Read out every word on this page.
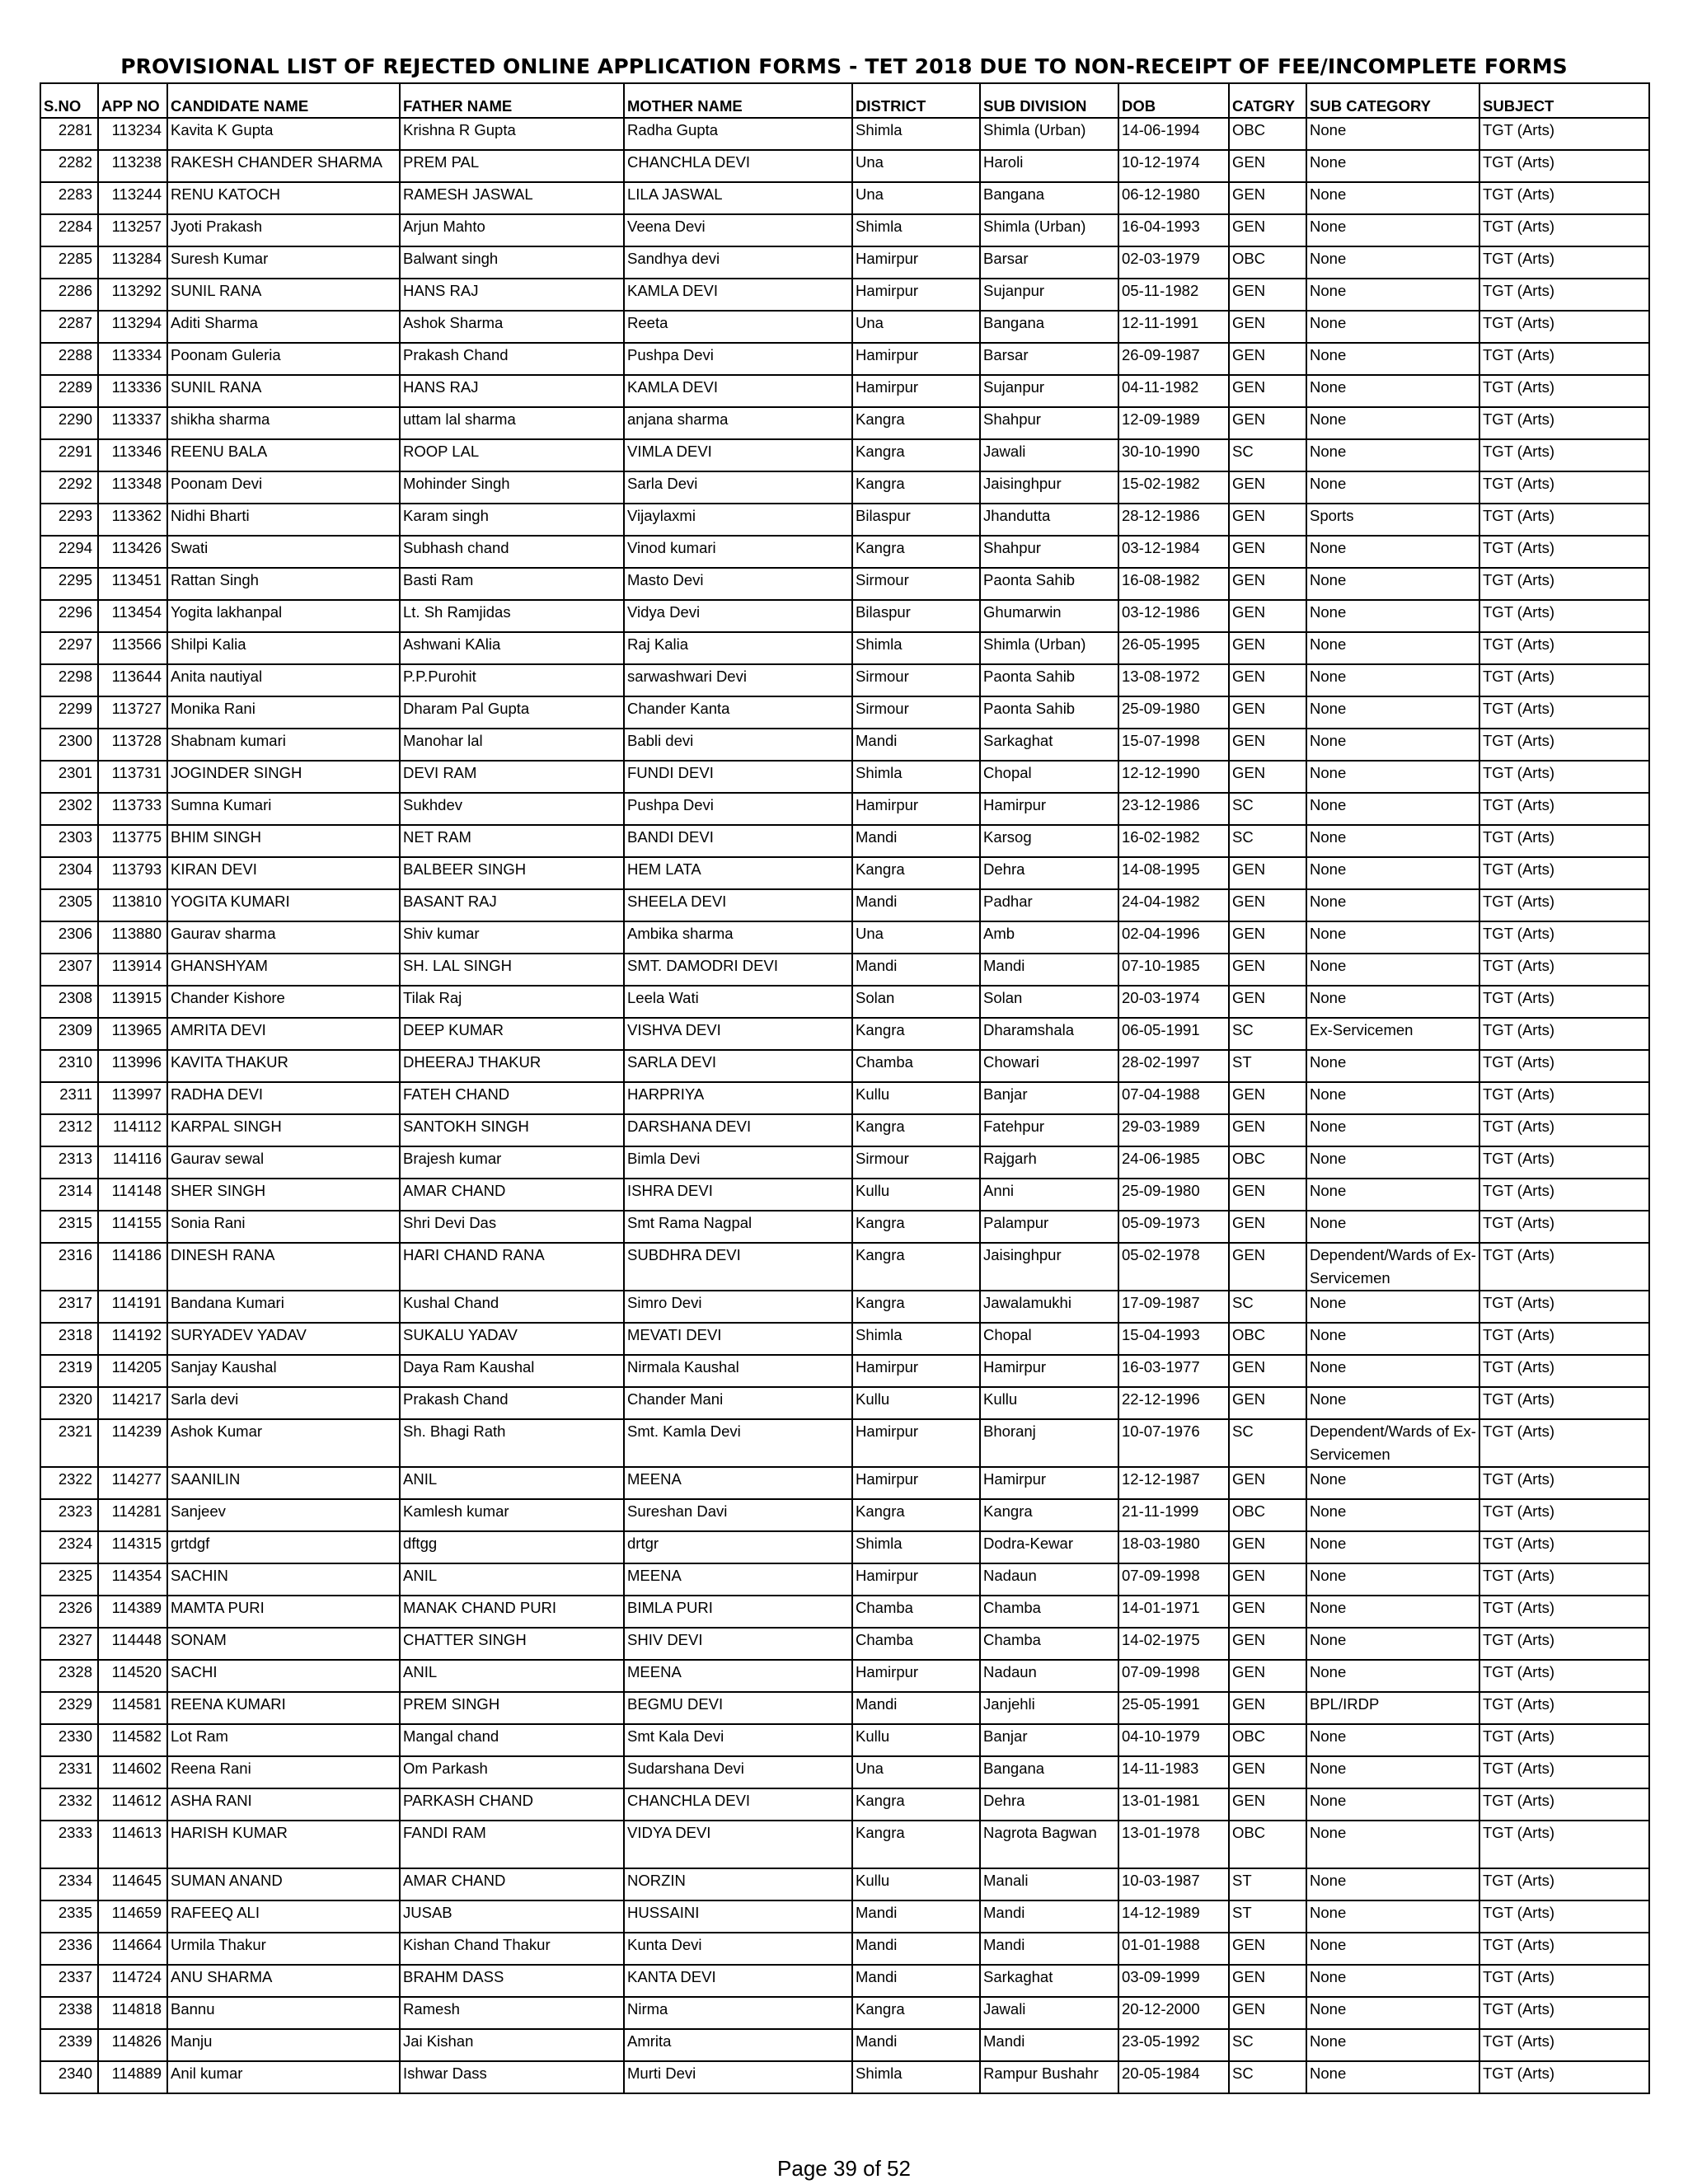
PROVISIONAL LIST OF REJECTED ONLINE APPLICATION FORMS - TET 2018 DUE TO NON-RECEIPT OF FEE/INCOMPLETE FORMS
S.NO	APP NO	CANDIDATE NAME	FATHER NAME	MOTHER NAME	DISTRICT	SUB DIVISION	DOB	CATGRY	SUB CATEGORY	SUBJECT
2281	113234	Kavita K Gupta	Krishna R Gupta	Radha Gupta	Shimla	Shimla (Urban)	14-06-1994	OBC	None	TGT (Arts)
2282	113238	RAKESH CHANDER SHARMA	PREM PAL	CHANCHLA DEVI	Una	Haroli	10-12-1974	GEN	None	TGT (Arts)
2283	113244	RENU KATOCH	RAMESH JASWAL	LILA JASWAL	Una	Bangana	06-12-1980	GEN	None	TGT (Arts)
2284	113257	Jyoti Prakash	Arjun Mahto	Veena Devi	Shimla	Shimla (Urban)	16-04-1993	GEN	None	TGT (Arts)
2285	113284	Suresh Kumar	Balwant singh	Sandhya devi	Hamirpur	Barsar	02-03-1979	OBC	None	TGT (Arts)
2286	113292	SUNIL RANA	HANS RAJ	KAMLA DEVI	Hamirpur	Sujanpur	05-11-1982	GEN	None	TGT (Arts)
2287	113294	Aditi Sharma	Ashok Sharma	Reeta	Una	Bangana	12-11-1991	GEN	None	TGT (Arts)
2288	113334	Poonam Guleria	Prakash Chand	Pushpa Devi	Hamirpur	Barsar	26-09-1987	GEN	None	TGT (Arts)
2289	113336	SUNIL RANA	HANS RAJ	KAMLA DEVI	Hamirpur	Sujanpur	04-11-1982	GEN	None	TGT (Arts)
2290	113337	shikha sharma	uttam lal sharma	anjana sharma	Kangra	Shahpur	12-09-1989	GEN	None	TGT (Arts)
2291	113346	REENU BALA	ROOP LAL	VIMLA DEVI	Kangra	Jawali	30-10-1990	SC	None	TGT (Arts)
2292	113348	Poonam Devi	Mohinder Singh	Sarla Devi	Kangra	Jaisinghpur	15-02-1982	GEN	None	TGT (Arts)
2293	113362	Nidhi Bharti	Karam singh	Vijaylaxmi	Bilaspur	Jhandutta	28-12-1986	GEN	Sports	TGT (Arts)
2294	113426	Swati	Subhash chand	Vinod kumari	Kangra	Shahpur	03-12-1984	GEN	None	TGT (Arts)
2295	113451	Rattan Singh	Basti Ram	Masto Devi	Sirmour	Paonta Sahib	16-08-1982	GEN	None	TGT (Arts)
2296	113454	Yogita lakhanpal	Lt. Sh Ramjidas	Vidya Devi	Bilaspur	Ghumarwin	03-12-1986	GEN	None	TGT (Arts)
2297	113566	Shilpi Kalia	Ashwani KAlia	Raj Kalia	Shimla	Shimla (Urban)	26-05-1995	GEN	None	TGT (Arts)
2298	113644	Anita nautiyal	P.P.Purohit	sarwashwari Devi	Sirmour	Paonta Sahib	13-08-1972	GEN	None	TGT (Arts)
2299	113727	Monika Rani	Dharam Pal Gupta	Chander Kanta	Sirmour	Paonta Sahib	25-09-1980	GEN	None	TGT (Arts)
2300	113728	Shabnam kumari	Manohar lal	Babli devi	Mandi	Sarkaghat	15-07-1998	GEN	None	TGT (Arts)
2301	113731	JOGINDER SINGH	DEVI RAM	FUNDI DEVI	Shimla	Chopal	12-12-1990	GEN	None	TGT (Arts)
2302	113733	Sumna Kumari	Sukhdev	Pushpa Devi	Hamirpur	Hamirpur	23-12-1986	SC	None	TGT (Arts)
2303	113775	BHIM SINGH	NET RAM	BANDI DEVI	Mandi	Karsog	16-02-1982	SC	None	TGT (Arts)
2304	113793	KIRAN DEVI	BALBEER SINGH	HEM LATA	Kangra	Dehra	14-08-1995	GEN	None	TGT (Arts)
2305	113810	YOGITA KUMARI	BASANT RAJ	SHEELA DEVI	Mandi	Padhar	24-04-1982	GEN	None	TGT (Arts)
2306	113880	Gaurav sharma	Shiv kumar	Ambika sharma	Una	Amb	02-04-1996	GEN	None	TGT (Arts)
2307	113914	GHANSHYAM	SH. LAL SINGH	SMT. DAMODRI DEVI	Mandi	Mandi	07-10-1985	GEN	None	TGT (Arts)
2308	113915	Chander Kishore	Tilak Raj	Leela Wati	Solan	Solan	20-03-1974	GEN	None	TGT (Arts)
2309	113965	AMRITA DEVI	DEEP KUMAR	VISHVA DEVI	Kangra	Dharamshala	06-05-1991	SC	Ex-Servicemen	TGT (Arts)
2310	113996	KAVITA THAKUR	DHEERAJ THAKUR	SARLA DEVI	Chamba	Chowari	28-02-1997	ST	None	TGT (Arts)
2311	113997	RADHA DEVI	FATEH CHAND	HARPRIYA	Kullu	Banjar	07-04-1988	GEN	None	TGT (Arts)
2312	114112	KARPAL SINGH	SANTOKH SINGH	DARSHANA DEVI	Kangra	Fatehpur	29-03-1989	GEN	None	TGT (Arts)
2313	114116	Gaurav sewal	Brajesh kumar	Bimla Devi	Sirmour	Rajgarh	24-06-1985	OBC	None	TGT (Arts)
2314	114148	SHER SINGH	AMAR CHAND	ISHRA DEVI	Kullu	Anni	25-09-1980	GEN	None	TGT (Arts)
2315	114155	Sonia Rani	Shri Devi Das	Smt Rama Nagpal	Kangra	Palampur	05-09-1973	GEN	None	TGT (Arts)
2316	114186	DINESH RANA	HARI CHAND RANA	SUBDHRA DEVI	Kangra	Jaisinghpur	05-02-1978	GEN	Dependent/Wards of Ex-Servicemen	TGT (Arts)
2317	114191	Bandana Kumari	Kushal Chand	Simro Devi	Kangra	Jawalamukhi	17-09-1987	SC	None	TGT (Arts)
2318	114192	SURYADEV YADAV	SUKALU YADAV	MEVATI DEVI	Shimla	Chopal	15-04-1993	OBC	None	TGT (Arts)
2319	114205	Sanjay Kaushal	Daya Ram Kaushal	Nirmala Kaushal	Hamirpur	Hamirpur	16-03-1977	GEN	None	TGT (Arts)
2320	114217	Sarla devi	Prakash Chand	Chander Mani	Kullu	Kullu	22-12-1996	GEN	None	TGT (Arts)
2321	114239	Ashok Kumar	Sh. Bhagi Rath	Smt. Kamla Devi	Hamirpur	Bhoranj	10-07-1976	SC	Dependent/Wards of Ex-Servicemen	TGT (Arts)
2322	114277	SAANILIN	ANIL	MEENA	Hamirpur	Hamirpur	12-12-1987	GEN	None	TGT (Arts)
2323	114281	Sanjeev	Kamlesh kumar	Sureshan Davi	Kangra	Kangra	21-11-1999	OBC	None	TGT (Arts)
2324	114315	grtdgf	dftgg	drtgr	Shimla	Dodra-Kewar	18-03-1980	GEN	None	TGT (Arts)
2325	114354	SACHIN	ANIL	MEENA	Hamirpur	Nadaun	07-09-1998	GEN	None	TGT (Arts)
2326	114389	MAMTA PURI	MANAK CHAND PURI	BIMLA PURI	Chamba	Chamba	14-01-1971	GEN	None	TGT (Arts)
2327	114448	SONAM	CHATTER SINGH	SHIV DEVI	Chamba	Chamba	14-02-1975	GEN	None	TGT (Arts)
2328	114520	SACHI	ANIL	MEENA	Hamirpur	Nadaun	07-09-1998	GEN	None	TGT (Arts)
2329	114581	REENA KUMARI	PREM SINGH	BEGMU DEVI	Mandi	Janjehli	25-05-1991	GEN	BPL/IRDP	TGT (Arts)
2330	114582	Lot Ram	Mangal chand	Smt Kala Devi	Kullu	Banjar	04-10-1979	OBC	None	TGT (Arts)
2331	114602	Reena Rani	Om Parkash	Sudarshana Devi	Una	Bangana	14-11-1983	GEN	None	TGT (Arts)
2332	114612	ASHA RANI	PARKASH CHAND	CHANCHLA DEVI	Kangra	Dehra	13-01-1981	GEN	None	TGT (Arts)
2333	114613	HARISH KUMAR	FANDI RAM	VIDYA DEVI	Kangra	Nagrota Bagwan	13-01-1978	OBC	None	TGT (Arts)
2334	114645	SUMAN ANAND	AMAR CHAND	NORZIN	Kullu	Manali	10-03-1987	ST	None	TGT (Arts)
2335	114659	RAFEEQ ALI	JUSAB	HUSSAINI	Mandi	Mandi	14-12-1989	ST	None	TGT (Arts)
2336	114664	Urmila Thakur	Kishan Chand Thakur	Kunta Devi	Mandi	Mandi	01-01-1988	GEN	None	TGT (Arts)
2337	114724	ANU SHARMA	BRAHM DASS	KANTA DEVI	Mandi	Sarkaghat	03-09-1999	GEN	None	TGT (Arts)
2338	114818	Bannu	Ramesh	Nirma	Kangra	Jawali	20-12-2000	GEN	None	TGT (Arts)
2339	114826	Manju	Jai Kishan	Amrita	Mandi	Mandi	23-05-1992	SC	None	TGT (Arts)
2340	114889	Anil kumar	Ishwar Dass	Murti Devi	Shimla	Rampur Bushahr	20-05-1984	SC	None	TGT (Arts)
Page 39 of 52
